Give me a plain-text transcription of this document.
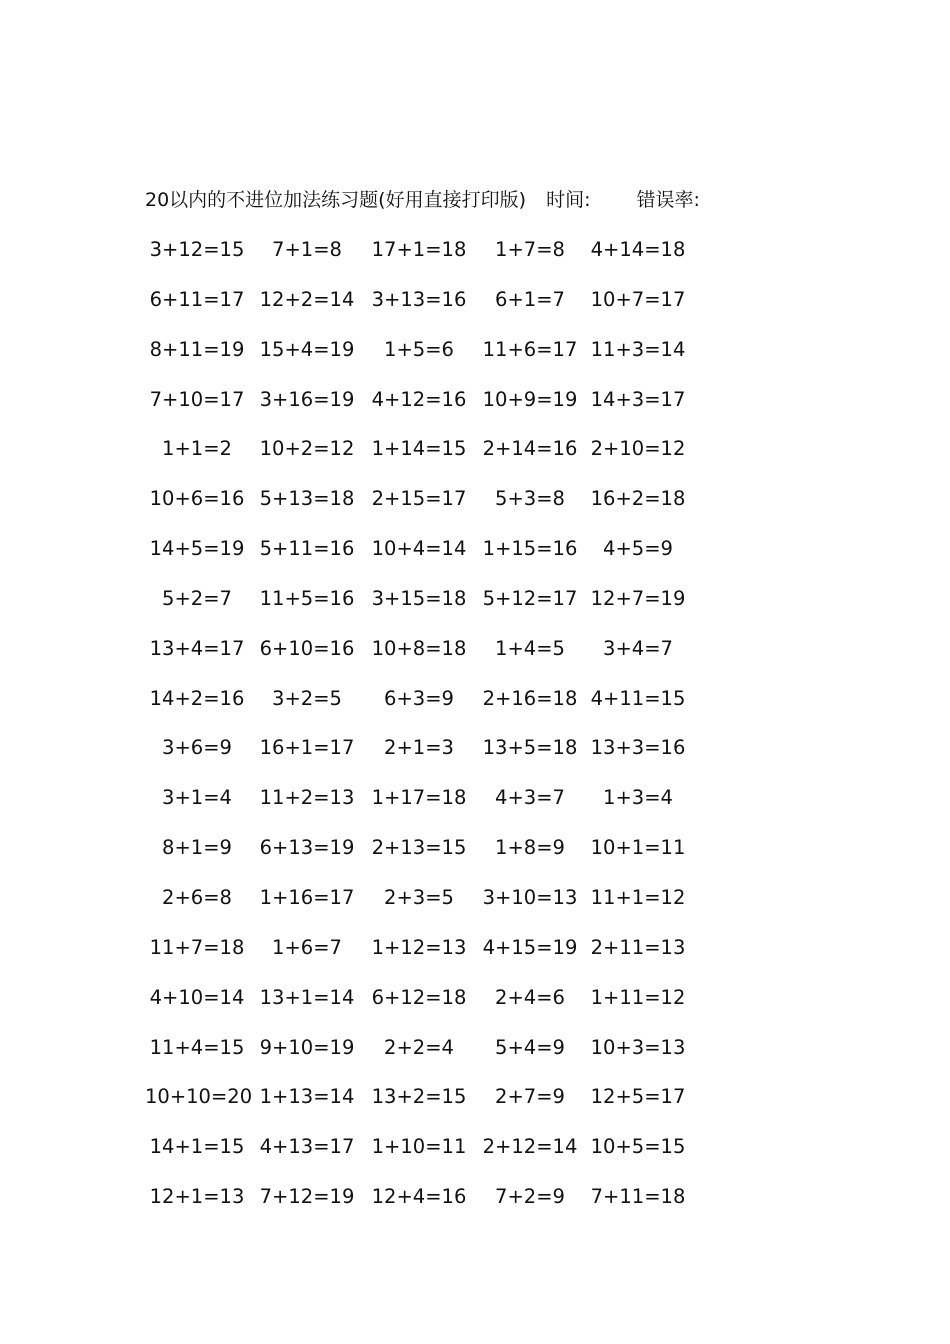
20以内的不进位加法练习题(好用直接打印版) 时间: 错误率:
3+12=15	7+1=8	17+1=18	1+7=8	4+14=18
6+11=17 12+2=14 3+13=16	6+1=7	10+7=17
8+11=19 15+4=19	1+5=6	11+6=17 11+3=14
7+10=17 3+16=19 4+12=16 10+9=19 14+3=17
1+1=2	10+2=12 1+14=15 2+14=16 2+10=12
10+6=16 5+13=18 2+15=17	5+3=8	16+2=18
14+5=19 5+11=16 10+4=14 1+15=16	4+5=9
5+2=7	11+5=16 3+15=18 5+12=17 12+7=19
13+4=17 6+10=16 10+8=18	1+4=5	3+4=7
14+2=16	3+2=5	6+3=9	2+16=18 4+11=15
3+6=9	16+1=17	2+1=3	13+5=18 13+3=16
3+1=4	11+2=13 1+17=18	4+3=7	1+3=4
8+1=9	6+13=19 2+13=15	1+8=9	10+1=11
2+6=8	1+16=17	2+3=5	3+10=13 11+1=12
11+7=18	1+6=7	1+12=13 4+15=19 2+11=13
4+10=14 13+1=14 6+12=18	2+4=6	1+11=12
11+4=15 9+10=19	2+2=4	5+4=9	10+3=13
10+10=20 1+13=14 13+2=15	2+7=9	12+5=17
14+1=15 4+13=17 1+10=11 2+12=14 10+5=15
12+1=13 7+12=19 12+4=16	7+2=9	7+11=18
